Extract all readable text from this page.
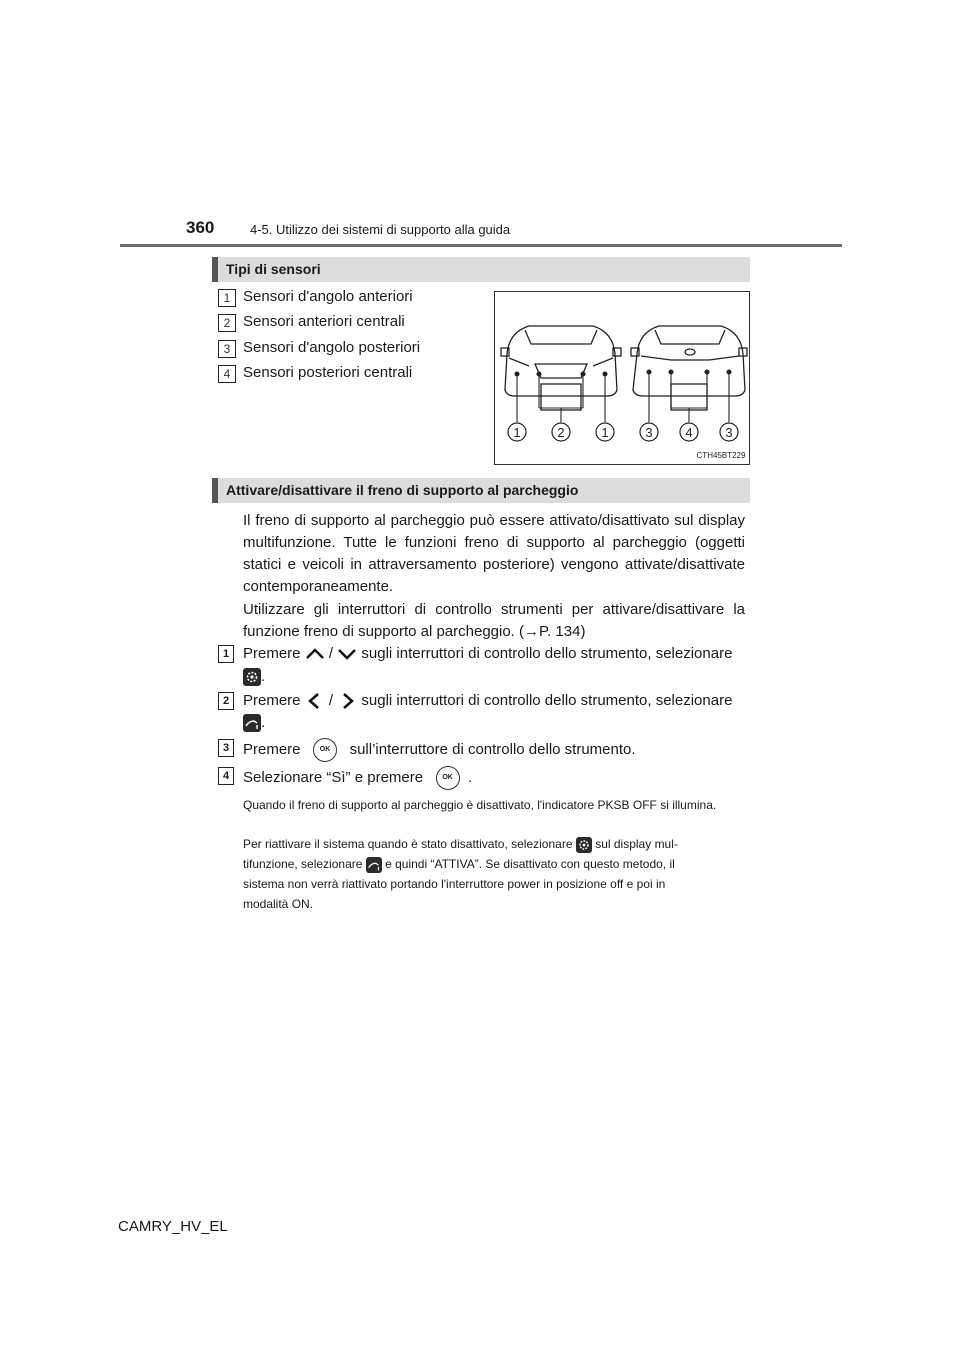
360	4-5. Utilizzo dei sistemi di supporto alla guida
Tipi di sensori
1 Sensori d'angolo anteriori
2 Sensori anteriori centrali
3 Sensori d'angolo posteriori
4 Sensori posteriori centrali
1	2	1	3	4	3
CTH45BT229
Attivare/disattivare il freno di supporto al parcheggio
Il freno di supporto al parcheggio può essere attivato/disattivato sul display multifunzione. Tutte le funzioni freno di supporto al parcheggio (oggetti statici e veicoli in attraversamento posteriore) vengono attivate/disattivate contemporaneamente.
Utilizzare gli interruttori di controllo strumenti per attivare/disattivare la funzione freno di supporto al parcheggio. (→P. 134)
1 Premere / sugli interruttori di controllo dello strumento, selezionare
.
2 Premere / sugli interruttori di controllo dello strumento, selezionare
.
3 Premere	OK sull’interruttore di controllo dello strumento.
4 Selezionare “Sì” e premere	OK .
Quando il freno di supporto al parcheggio è disattivato, l'indicatore PKSB OFF si illumina.
Per riattivare il sistema quando è stato disattivato, selezionare sul display mul-
tifunzione, selezionare e quindi “ATTIVA”. Se disattivato con questo metodo, il
sistema non verrà riattivato portando l'interruttore power in posizione off e poi in
modalità ON.
CAMRY_HV_EL
